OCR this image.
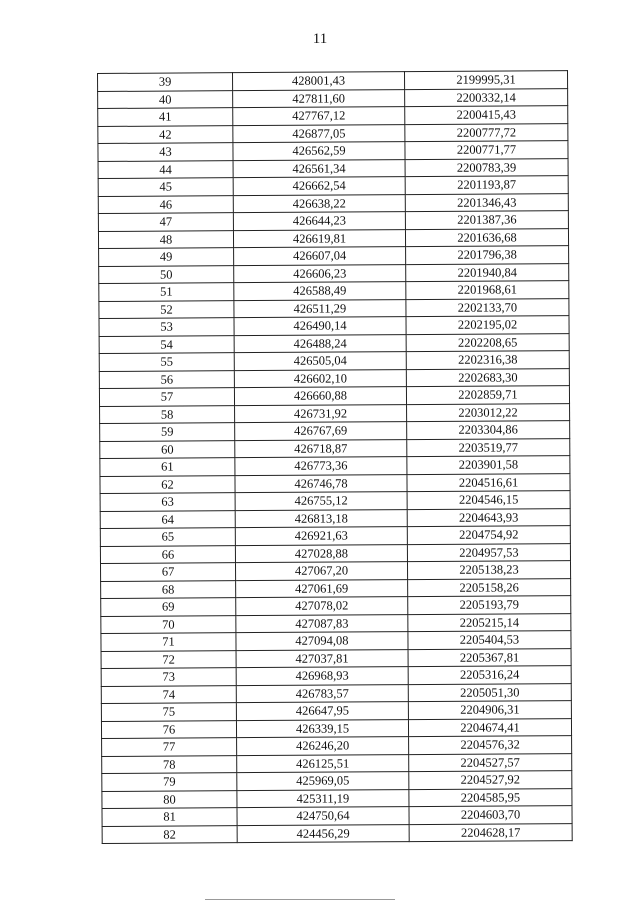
11
39	428001,43	2199995,31
40	427811,60	2200332,14
41	427767,12	2200415,43
42	426877,05	2200777,72
43	426562,59	2200771,77
44	426561,34	2200783,39
45	426662,54	2201193,87
46	426638,22	2201346,43
47	426644,23	2201387,36
48	426619,81	2201636,68
49	426607,04	2201796,38
50	426606,23	2201940,84
51	426588,49	2201968,61
52	426511,29	2202133,70
53	426490,14	2202195,02
54	426488,24	2202208,65
55	426505,04	2202316,38
56	426602,10	2202683,30
57	426660,88	2202859,71
58	426731,92	2203012,22
59	426767,69	2203304,86
60	426718,87	2203519,77
61	426773,36	2203901,58
62	426746,78	2204516,61
63	426755,12	2204546,15
64	426813,18	2204643,93
65	426921,63	2204754,92
66	427028,88	2204957,53
67	427067,20	2205138,23
68	427061,69	2205158,26
69	427078,02	2205193,79
70	427087,83	2205215,14
71	427094,08	2205404,53
72	427037,81	2205367,81
73	426968,93	2205316,24
74	426783,57	2205051,30
75	426647,95	2204906,31
76	426339,15	2204674,41
77	426246,20	2204576,32
78	426125,51	2204527,57
79	425969,05	2204527,92
80	425311,19	2204585,95
81	424750,64	2204603,70
82	424456,29	2204628,17
